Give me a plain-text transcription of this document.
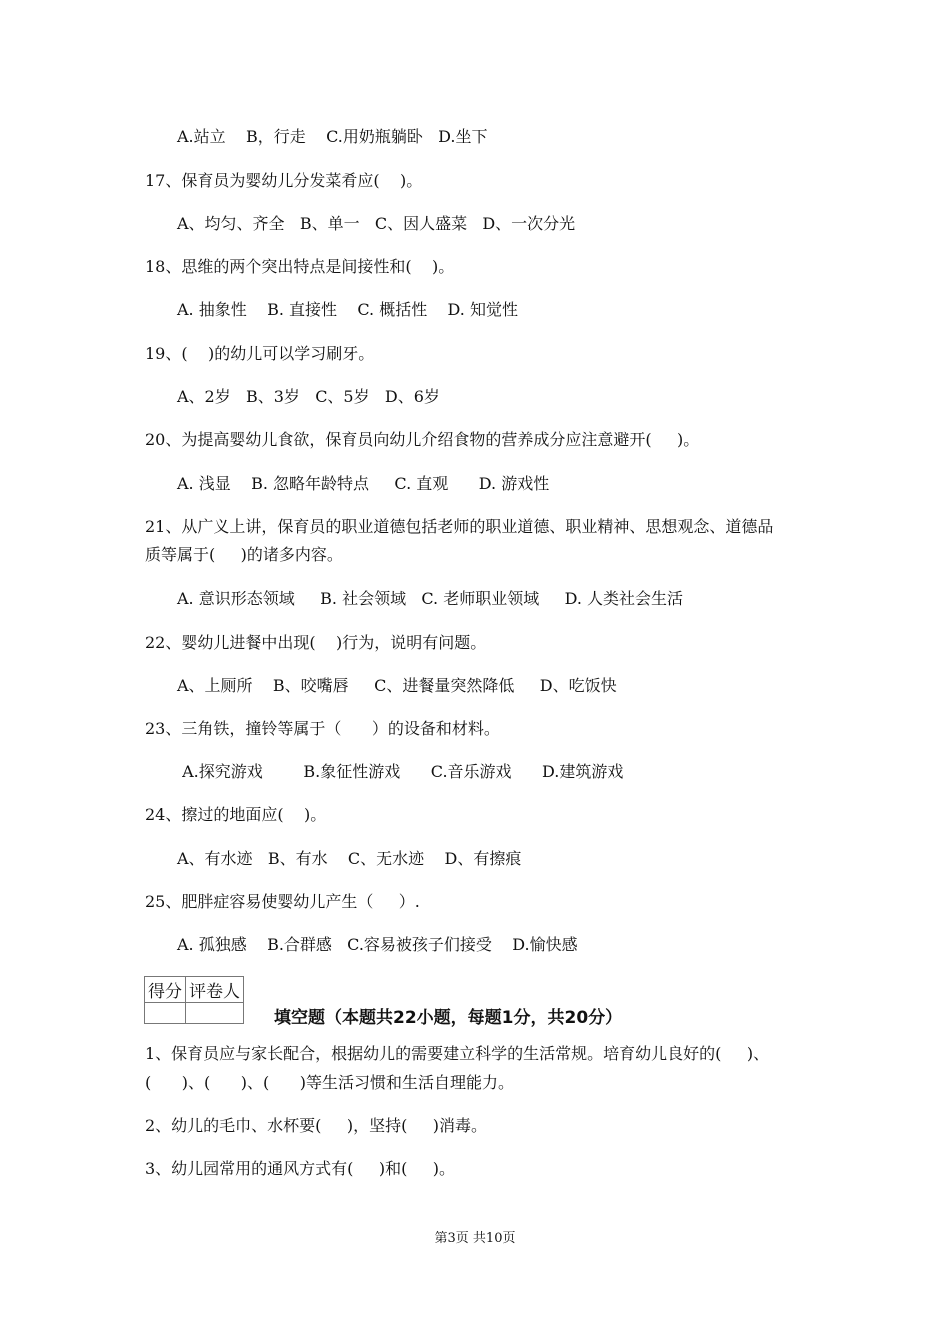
A.站立    B，行走    C.用奶瓶躺卧   D.坐下
17、保育员为婴幼儿分发菜肴应(    )。
A、均匀、齐全   B、单一   C、因人盛菜   D、一次分光
18、思维的两个突出特点是间接性和(    )。
A. 抽象性    B. 直接性    C. 概括性    D. 知觉性
19、(    )的幼儿可以学习刷牙。
A、2岁   B、3岁   C、5岁   D、6岁
20、为提高婴幼儿食欲，保育员向幼儿介绍食物的营养成分应注意避开(     )。
A. 浅显    B. 忽略年龄特点     C. 直观      D. 游戏性
21、从广义上讲，保育员的职业道德包括老师的职业道德、职业精神、思想观念、道德品
质等属于(     )的诸多内容。
A. 意识形态领域     B. 社会领域   C. 老师职业领域     D. 人类社会生活
22、婴幼儿进餐中出现(    )行为，说明有问题。
A、上厕所    B、咬嘴唇     C、进餐量突然降低     D、吃饭快
23、三角铁，撞铃等属于（      ）的设备和材料。
A.探究游戏        B.象征性游戏      C.音乐游戏      D.建筑游戏
24、擦过的地面应(    )。
A、有水迹   B、有水    C、无水迹    D、有擦痕
25、肥胖症容易使婴幼儿产生（     ）.
A. 孤独感    B.合群感   C.容易被孩子们接受    D.愉快感
得分	评卷人

填空题（本题共22小题，每题1分，共20分）
1、保育员应与家长配合，根据幼儿的需要建立科学的生活常规。培育幼儿良好的(     )、
(      )、(      )、(      )等生活习惯和生活自理能力。
2、幼儿的毛巾、水杯要(     )，坚持(     )消毒。
3、幼儿园常用的通风方式有(     )和(     )。
第3页 共10页
